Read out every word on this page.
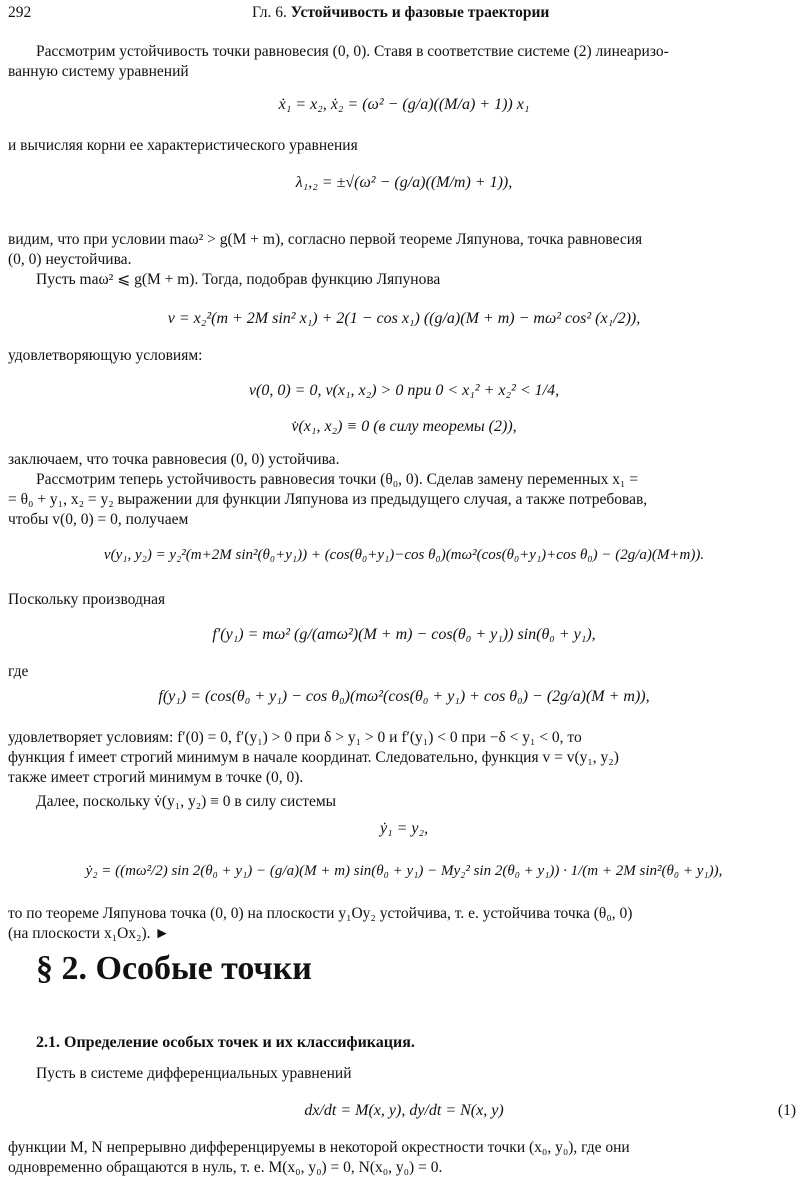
292	Гл. 6. Устойчивость и фазовые траектории
Рассмотрим устойчивость точки равновесия (0, 0). Ставя в соответствие системе (2) линеаризо-
ванную систему уравнений
ẋ₁ = x₂, ẋ₂ = (ω² − (g/a)((M/a) + 1)) x₁
и вычисляя корни ее характеристического уравнения
λ₁,₂ = ±√(ω² − (g/a)((M/m) + 1)),
видим, что при условии maω² > g(M + m), согласно первой теореме Ляпунова, точка равновесия
(0, 0) неустойчива.
Пусть maω² ⩽ g(M + m). Тогда, подобрав функцию Ляпунова
v = x₂²(m + 2M sin² x₁) + 2(1 − cos x₁) ((g/a)(M + m) − mω² cos² (x₁/2)),
удовлетворяющую условиям:
v(0, 0) = 0, v(x₁, x₂) > 0 при 0 < x₁² + x₂² < 1/4,
v̇(x₁, x₂) ≡ 0 (в силу теоремы (2)),
заключаем, что точка равновесия (0, 0) устойчива.
Рассмотрим теперь устойчивость равновесия точки (θ₀, 0). Сделав замену переменных x₁ =
= θ₀ + y₁, x₂ = y₂ выражении для функции Ляпунова из предыдущего случая, а также потребовав,
чтобы v(0, 0) = 0, получаем
v(y₁, y₂) = y₂²(m+2M sin²(θ₀+y₁)) + (cos(θ₀+y₁)−cos θ₀)(mω²(cos(θ₀+y₁)+cos θ₀) − (2g/a)(M+m)).
Поскольку производная
f′(y₁) = mω² (g/(amω²)(M + m) − cos(θ₀ + y₁)) sin(θ₀ + y₁),
где
f(y₁) = (cos(θ₀ + y₁) − cos θ₀)(mω²(cos(θ₀ + y₁) + cos θ₀) − (2g/a)(M + m)),
удовлетворяет условиям: f′(0) = 0, f′(y₁) > 0 при δ > y₁ > 0 и f′(y₁) < 0 при −δ < y₁ < 0, то
функция f имеет строгий минимум в начале координат. Следовательно, функция v = v(y₁, y₂)
также имеет строгий минимум в точке (0, 0).
Далее, поскольку v̇(y₁, y₂) ≡ 0 в силу системы
ẏ₁ = y₂,
ẏ₂ = ((mω²/2) sin 2(θ₀ + y₁) − (g/a)(M + m) sin(θ₀ + y₁) − My₂² sin 2(θ₀ + y₁)) · 1/(m + 2M sin²(θ₀ + y₁)),
то по теореме Ляпунова точка (0, 0) на плоскости y₁Oy₂ устойчива, т. е. устойчива точка (θ₀, 0)
(на плоскости x₁Ox₂). ►
§ 2. Особые точки
2.1. Определение особых точек и их классификация.
Пусть в системе дифференциальных уравнений
dx/dt = M(x, y), dy/dt = N(x, y)	(1)
функции M, N непрерывно дифференцируемы в некоторой окрестности точки (x₀, y₀), где они
одновременно обращаются в нуль, т. е. M(x₀, y₀) = 0, N(x₀, y₀) = 0.
